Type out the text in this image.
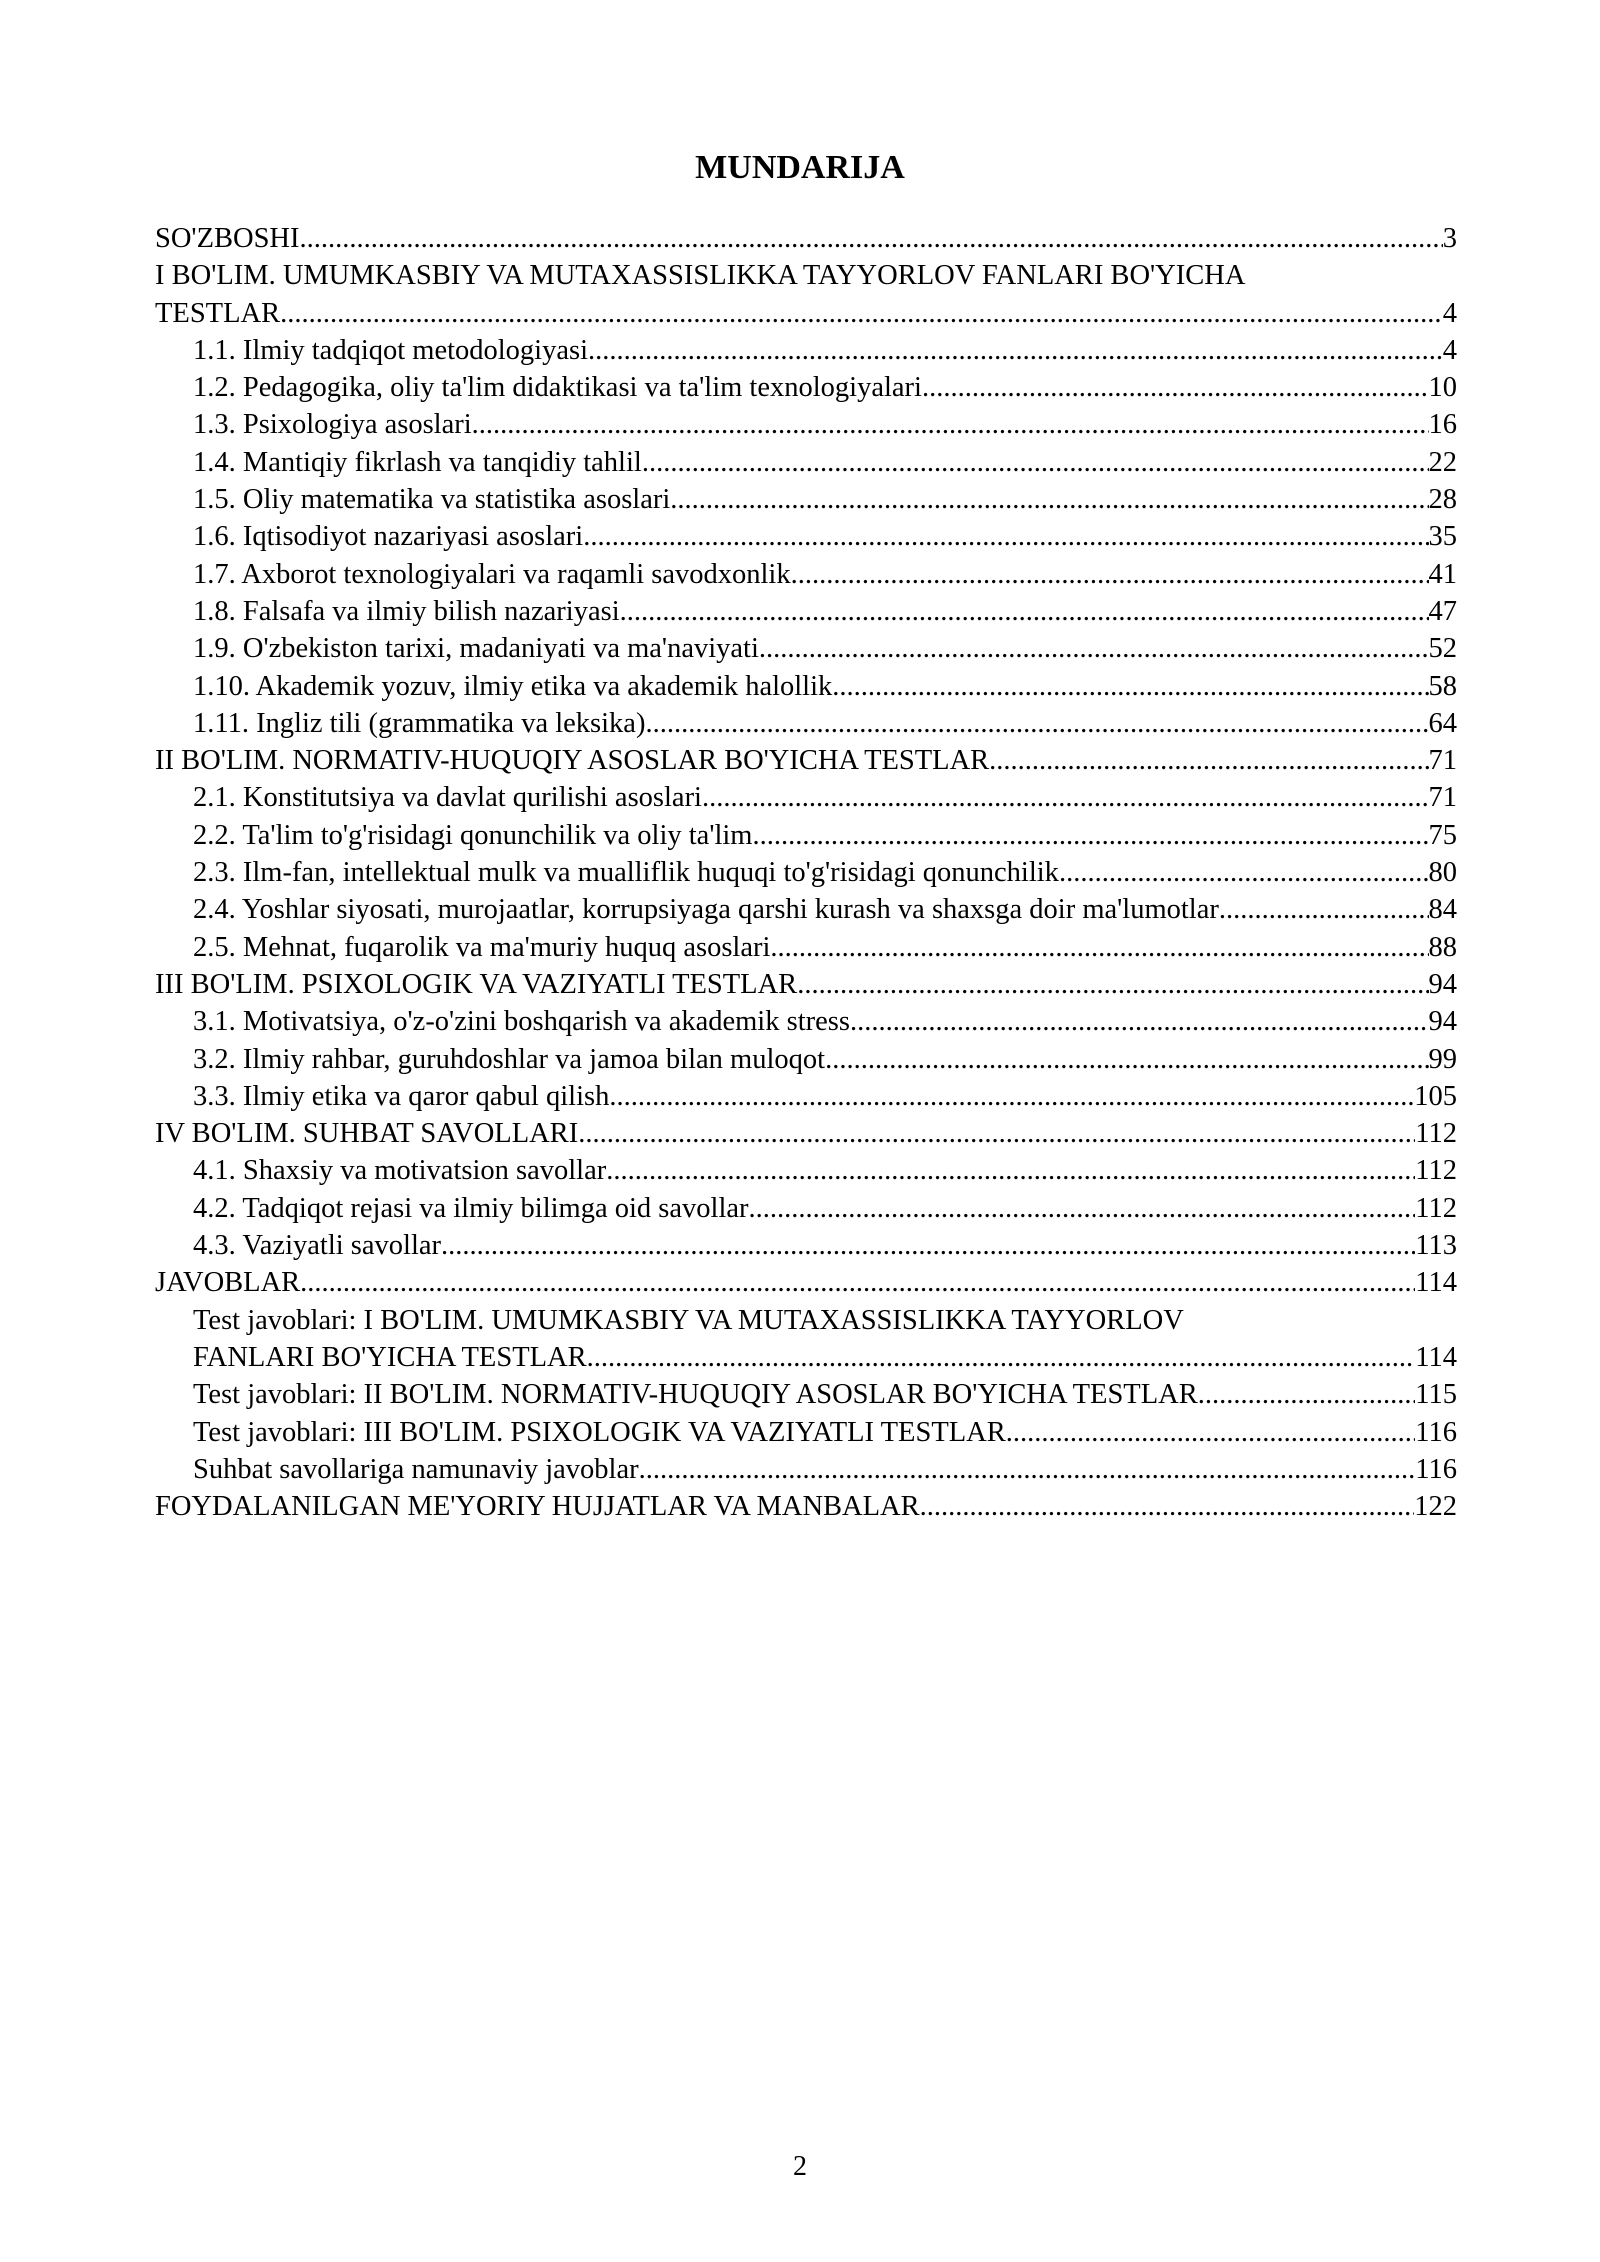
MUNDARIJA
SO'ZBOSHI .....	3
I BO'LIM. UMUMKASBIY VA MUTAXASSISLIKKA TAYYORLOV FANLARI BO'YICHA
TESTLAR .....	4
1.1. Ilmiy tadqiqot metodologiyasi .....	4
1.2. Pedagogika, oliy ta'lim didaktikasi va ta'lim texnologiyalari .....	10
1.3. Psixologiya asoslari .....	16
1.4. Mantiqiy fikrlash va tanqidiy tahlil .....	22
1.5. Oliy matematika va statistika asoslari .....	28
1.6. Iqtisodiyot nazariyasi asoslari .....	35
1.7. Axborot texnologiyalari va raqamli savodxonlik .....	41
1.8. Falsafa va ilmiy bilish nazariyasi .....	47
1.9. O'zbekiston tarixi, madaniyati va ma'naviyati .....	52
1.10. Akademik yozuv, ilmiy etika va akademik halollik .....	58
1.11. Ingliz tili (grammatika va leksika) .....	64
II BO'LIM. NORMATIV-HUQUQIY ASOSLAR BO'YICHA TESTLAR .....	71
2.1. Konstitutsiya va davlat qurilishi asoslari .....	71
2.2. Ta'lim to'g'risidagi qonunchilik va oliy ta'lim .....	75
2.3. Ilm-fan, intellektual mulk va mualliflik huquqi to'g'risidagi qonunchilik .....	80
2.4. Yoshlar siyosati, murojaatlar, korrupsiyaga qarshi kurash va shaxsga doir ma'lumotlar .....	84
2.5. Mehnat, fuqarolik va ma'muriy huquq asoslari .....	88
III BO'LIM. PSIXOLOGIK VA VAZIYATLI TESTLAR .....	94
3.1. Motivatsiya, o'z-o'zini boshqarish va akademik stress .....	94
3.2. Ilmiy rahbar, guruhdoshlar va jamoa bilan muloqot .....	99
3.3. Ilmiy etika va qaror qabul qilish .....	105
IV BO'LIM. SUHBAT SAVOLLARI .....	112
4.1. Shaxsiy va motivatsion savollar .....	112
4.2. Tadqiqot rejasi va ilmiy bilimga oid savollar .....	112
4.3. Vaziyatli savollar .....	113
JAVOBLAR .....	114
Test javoblari: I BO'LIM. UMUMKASBIY VA MUTAXASSISLIKKA TAYYORLOV
FANLARI BO'YICHA TESTLAR .....	114
Test javoblari: II BO'LIM. NORMATIV-HUQUQIY ASOSLAR BO'YICHA TESTLAR .....	115
Test javoblari: III BO'LIM. PSIXOLOGIK VA VAZIYATLI TESTLAR .....	116
Suhbat savollariga namunaviy javoblar .....	116
FOYDALANILGAN ME'YORIY HUJJATLAR VA MANBALAR .....	122
2
